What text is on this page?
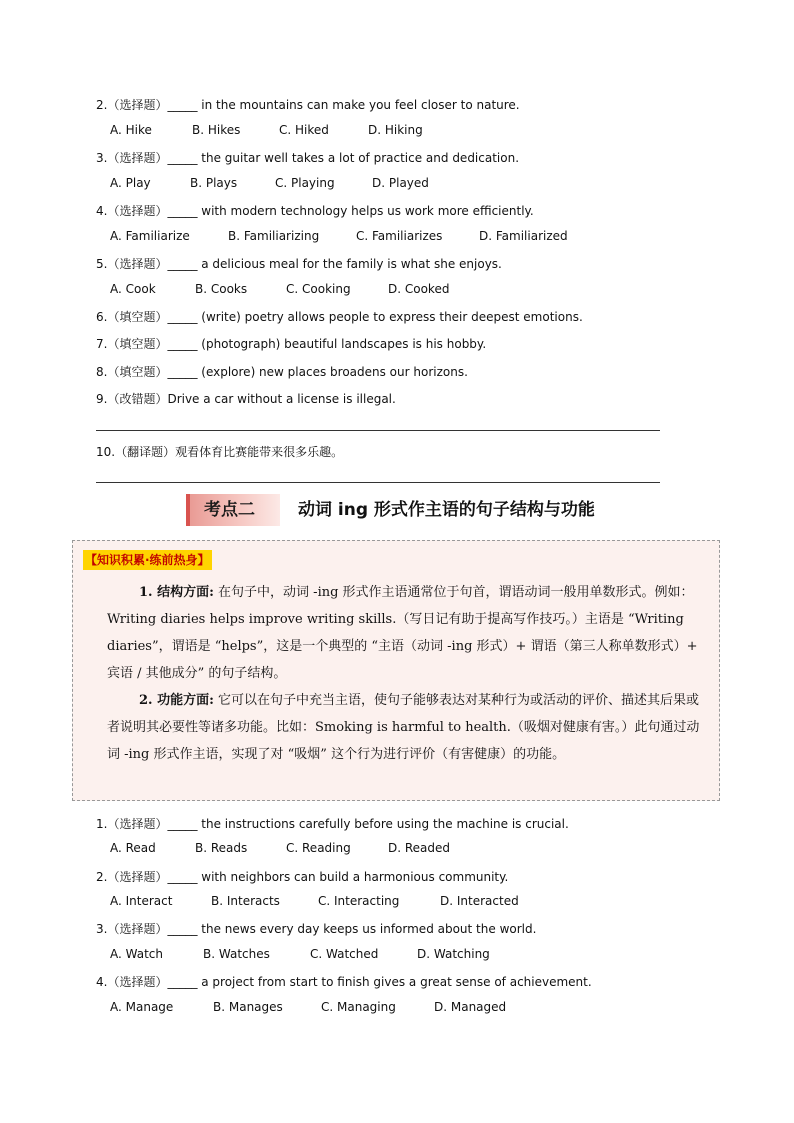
2.（选择题）_____ in the mountains can make you feel closer to nature.
A. Hike	B. Hikes	C. Hiked	D. Hiking
3.（选择题）_____ the guitar well takes a lot of practice and dedication.
A. Play	B. Plays	C. Playing	D. Played
4.（选择题）_____ with modern technology helps us work more efficiently.
A. Familiarize	B. Familiarizing	C. Familiarizes	D. Familiarized
5.（选择题）_____ a delicious meal for the family is what she enjoys.
A. Cook	B. Cooks	C. Cooking	D. Cooked
6.（填空题）_____ (write) poetry allows people to express their deepest emotions.
7.（填空题）_____ (photograph) beautiful landscapes is his hobby.
8.（填空题）_____ (explore) new places broadens our horizons.
9.（改错题）Drive a car without a license is illegal.
10.（翻译题）观看体育比赛能带来很多乐趣。
考点二	动词 ing 形式作主语的句子结构与功能
【知识积累·练前热身】
1. 结构方面: 在句子中，动词 -ing 形式作主语通常位于句首，谓语动词一般用单数形式。例如：Writing diaries helps improve writing skills.（写日记有助于提高写作技巧。）主语是 “Writing diaries”，谓语是 “helps”，这是一个典型的 “主语（动词 -ing 形式）+ 谓语（第三人称单数形式）+ 宾语 / 其他成分” 的句子结构。
2. 功能方面: 它可以在句子中充当主语，使句子能够表达对某种行为或活动的评价、描述其后果或者说明其必要性等诸多功能。比如：Smoking is harmful to health.（吸烟对健康有害。）此句通过动词 -ing 形式作主语，实现了对 “吸烟” 这个行为进行评价（有害健康）的功能。
1.（选择题）_____ the instructions carefully before using the machine is crucial.
A. Read	B. Reads	C. Reading	D. Readed
2.（选择题）_____ with neighbors can build a harmonious community.
A. Interact	B. Interacts	C. Interacting	D. Interacted
3.（选择题）_____ the news every day keeps us informed about the world.
A. Watch	B. Watches	C. Watched	D. Watching
4.（选择题）_____ a project from start to finish gives a great sense of achievement.
A. Manage	B. Manages	C. Managing	D. Managed
